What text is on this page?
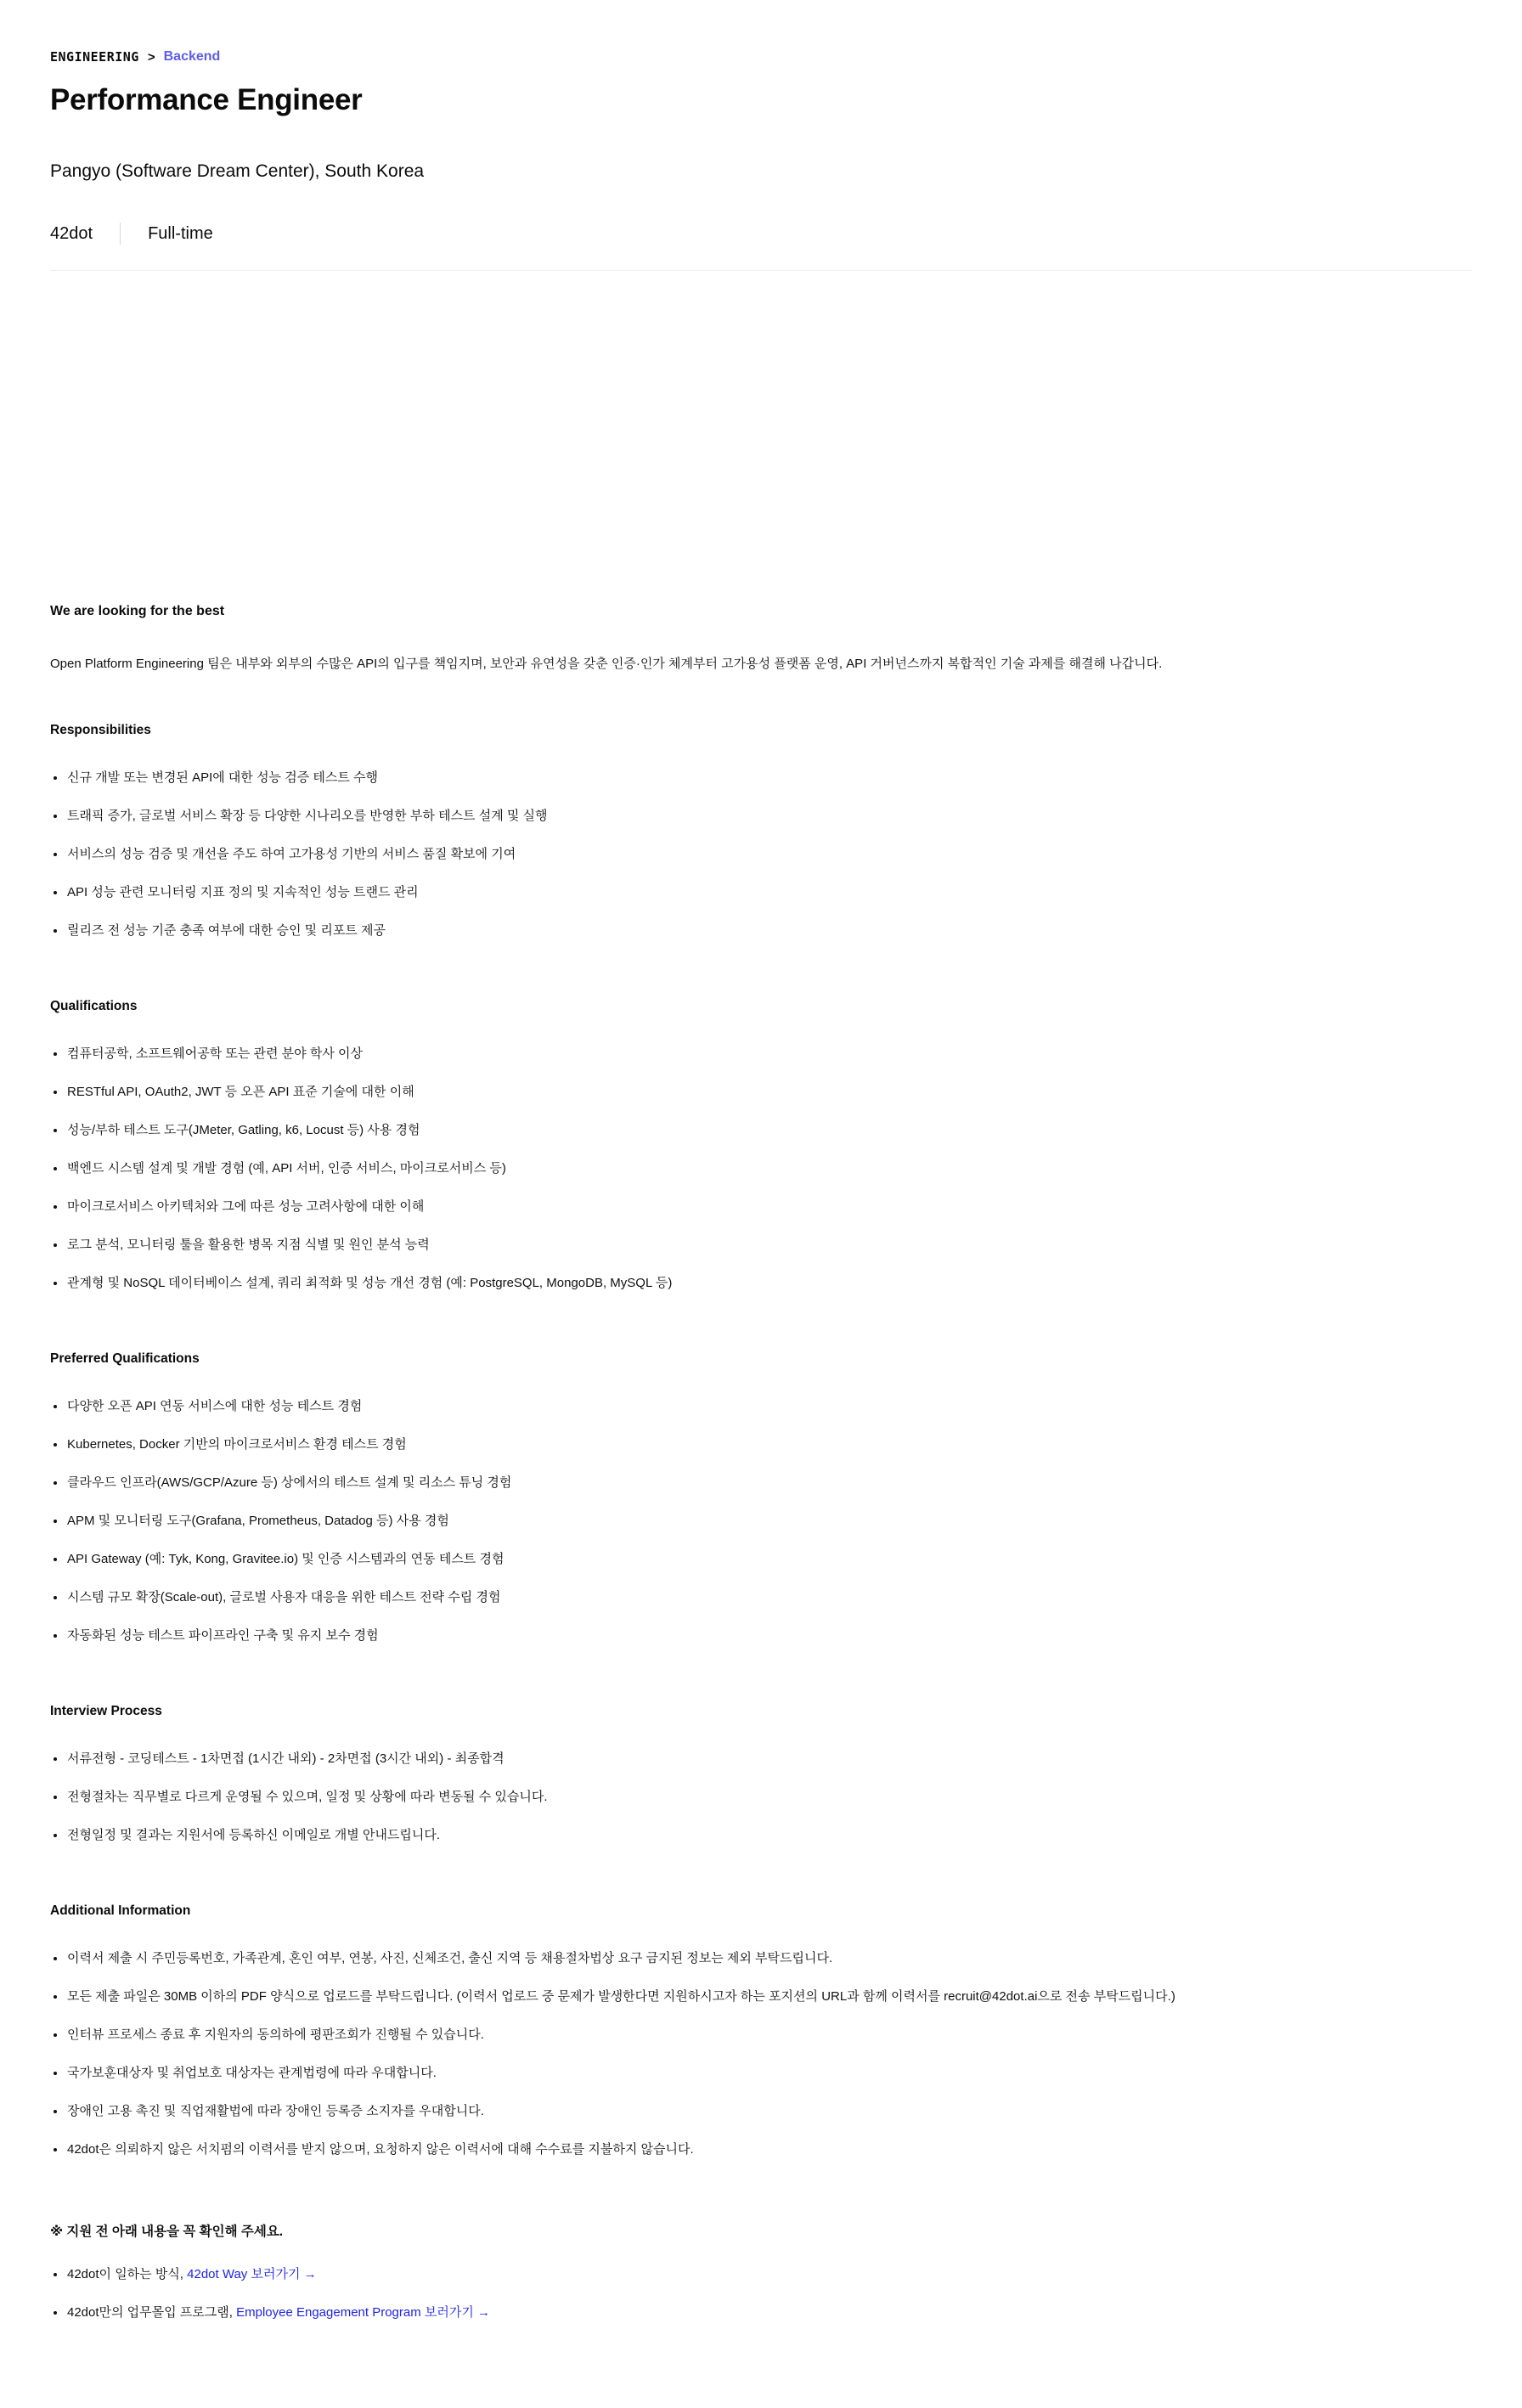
ENGINEERING > Backend
Performance Engineer
Pangyo (Software Dream Center), South Korea
42dot	Full-time
We are looking for the best

Open Platform Engineering 팀은 내부와 외부의 수많은 API의 입구를 책임지며, 보안과 유연성을 갖춘 인증·인가 체계부터 고가용성 플랫폼 운영, API 거버넌스까지 복합적인 기술 과제를 해결해 나갑니다.

Responsibilities
신규 개발 또는 변경된 API에 대한 성능 검증 테스트 수행
트래픽 증가, 글로벌 서비스 확장 등 다양한 시나리오를 반영한 부하 테스트 설계 및 실행
서비스의 성능 검증 및 개선을 주도 하여 고가용성 기반의 서비스 품질 확보에 기여
API 성능 관련 모니터링 지표 정의 및 지속적인 성능 트랜드 관리
릴리즈 전 성능 기준 충족 여부에 대한 승인 및 리포트 제공
Qualifications
컴퓨터공학, 소프트웨어공학 또는 관련 분야 학사 이상
RESTful API, OAuth2, JWT 등 오픈 API 표준 기술에 대한 이해
성능/부하 테스트 도구(JMeter, Gatling, k6, Locust 등) 사용 경험
백엔드 시스템 설계 및 개발 경험 (예, API 서버, 인증 서비스, 마이크로서비스 등)
마이크로서비스 아키텍처와 그에 따른 성능 고려사항에 대한 이해
로그 분석, 모니터링 툴을 활용한 병목 지점 식별 및 원인 분석 능력
관계형 및 NoSQL 데이터베이스 설계, 쿼리 최적화 및 성능 개선 경험 (예: PostgreSQL, MongoDB, MySQL 등)
Preferred Qualifications
다양한 오픈 API 연동 서비스에 대한 성능 테스트 경험
Kubernetes, Docker 기반의 마이크로서비스 환경 테스트 경험
클라우드 인프라(AWS/GCP/Azure 등) 상에서의 테스트 설계 및 리소스 튜닝 경험
APM 및 모니터링 도구(Grafana, Prometheus, Datadog 등) 사용 경험
API Gateway (예: Tyk, Kong, Gravitee.io) 및 인증 시스템과의 연동 테스트 경험
시스템 규모 확장(Scale-out), 글로벌 사용자 대응을 위한 테스트 전략 수립 경험
자동화된 성능 테스트 파이프라인 구축 및 유지 보수 경험
Interview Process
서류전형 - 코딩테스트 - 1차면접 (1시간 내외) - 2차면접 (3시간 내외) - 최종합격
전형절차는 직무별로 다르게 운영될 수 있으며, 일정 및 상황에 따라 변동될 수 있습니다.
전형일정 및 결과는 지원서에 등록하신 이메일로 개별 안내드립니다.
Additional Information
이력서 제출 시 주민등록번호, 가족관계, 혼인 여부, 연봉, 사진, 신체조건, 출신 지역 등 채용절차법상 요구 금지된 정보는 제외 부탁드립니다.
모든 제출 파일은 30MB 이하의 PDF 양식으로 업로드를 부탁드립니다. (이력서 업로드 중 문제가 발생한다면 지원하시고자 하는 포지션의 URL과 함께 이력서를 recruit@42dot.ai으로 전송 부탁드립니다.)
인터뷰 프로세스 종료 후 지원자의 동의하에 평판조회가 진행될 수 있습니다.
국가보훈대상자 및 취업보호 대상자는 관계법령에 따라 우대합니다.
장애인 고용 촉진 및 직업재활법에 따라 장애인 등록증 소지자를 우대합니다.
42dot은 의뢰하지 않은 서치펌의 이력서를 받지 않으며, 요청하지 않은 이력서에 대해 수수료를 지불하지 않습니다.
※ 지원 전 아래 내용을 꼭 확인해 주세요.
42dot이 일하는 방식, 42dot Way 보러가기 →
42dot만의 업무몰입 프로그램, Employee Engagement Program 보러가기 →
